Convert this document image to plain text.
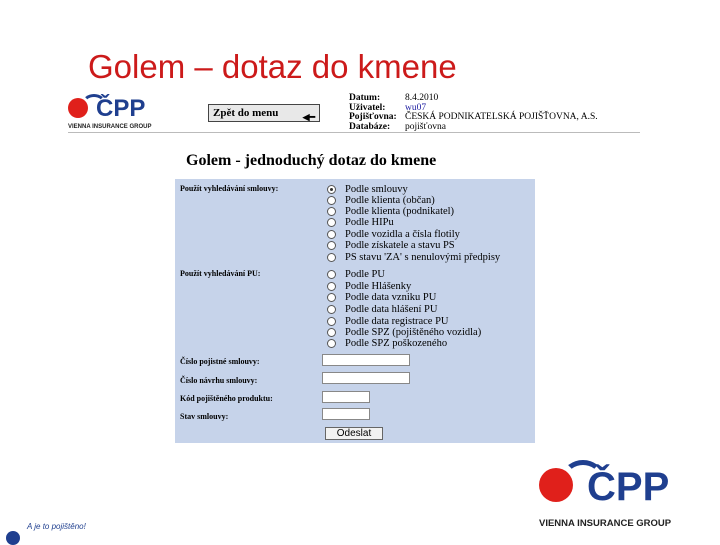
Golem – dotaz do kmene
ČPP
VIENNA INSURANCE GROUP
Zpět do menu	◀━
Datum:	8.4.2010
Uživatel:	wu07
Pojišťovna: ČESKÁ PODNIKATELSKÁ POJIŠŤOVNA, A.S.
Databáze:	pojišťovna
Golem - jednoduchý dotaz do kmene
Použít vyhledávání smlouvy:	Podle smlouvy
Podle klienta (občan)
Podle klienta (podnikatel)
Podle HIPu
Podle vozidla a čísla flotily
Podle získatele a stavu PS
PS stavu 'ZA' s nenulovými předpisy
Použít vyhledávání PU:	Podle PU
Podle Hlášenky
Podle data vzniku PU
Podle data hlášení PU
Podle data registrace PU
Podle SPZ (pojištěného vozidla)
Podle SPZ poškozeného
Číslo pojistné smlouvy:
Číslo návrhu smlouvy:
Kód pojištěného produktu:
Stav smlouvy:
Odeslat
ČPP
VIENNA INSURANCE GROUP
A je to pojištěno!
